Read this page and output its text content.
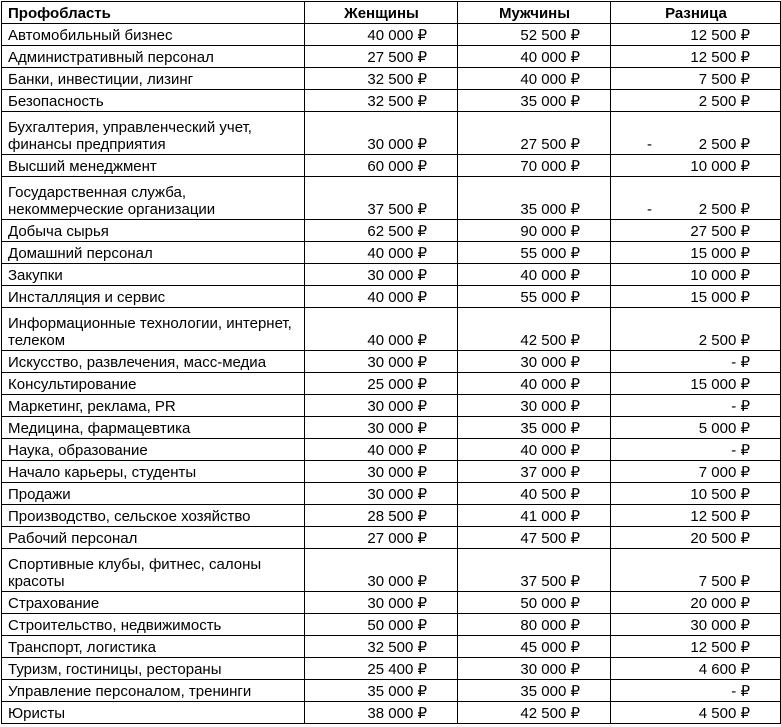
Профобласть	Женщины	Мужчины	Разница
Автомобильный бизнес	40 000 ₽	52 500 ₽	12 500 ₽
Административный персонал	27 500 ₽	40 000 ₽	12 500 ₽
Банки, инвестиции, лизинг	32 500 ₽	40 000 ₽	7 500 ₽
Безопасность	32 500 ₽	35 000 ₽	2 500 ₽
Бухгалтерия, управленческий учет, финансы предприятия	30 000 ₽	27 500 ₽	- 2 500 ₽
Высший менеджмент	60 000 ₽	70 000 ₽	10 000 ₽
Государственная служба, некоммерческие организации	37 500 ₽	35 000 ₽	- 2 500 ₽
Добыча сырья	62 500 ₽	90 000 ₽	27 500 ₽
Домашний персонал	40 000 ₽	55 000 ₽	15 000 ₽
Закупки	30 000 ₽	40 000 ₽	10 000 ₽
Инсталляция и сервис	40 000 ₽	55 000 ₽	15 000 ₽
Информационные технологии, интернет, телеком	40 000 ₽	42 500 ₽	2 500 ₽
Искусство, развлечения, масс-медиа	30 000 ₽	30 000 ₽	- ₽
Консультирование	25 000 ₽	40 000 ₽	15 000 ₽
Маркетинг, реклама, PR	30 000 ₽	30 000 ₽	- ₽
Медицина, фармацевтика	30 000 ₽	35 000 ₽	5 000 ₽
Наука, образование	40 000 ₽	40 000 ₽	- ₽
Начало карьеры, студенты	30 000 ₽	37 000 ₽	7 000 ₽
Продажи	30 000 ₽	40 500 ₽	10 500 ₽
Производство, сельское хозяйство	28 500 ₽	41 000 ₽	12 500 ₽
Рабочий персонал	27 000 ₽	47 500 ₽	20 500 ₽
Спортивные клубы, фитнес, салоны красоты	30 000 ₽	37 500 ₽	7 500 ₽
Страхование	30 000 ₽	50 000 ₽	20 000 ₽
Строительство, недвижимость	50 000 ₽	80 000 ₽	30 000 ₽
Транспорт, логистика	32 500 ₽	45 000 ₽	12 500 ₽
Туризм, гостиницы, рестораны	25 400 ₽	30 000 ₽	4 600 ₽
Управление персоналом, тренинги	35 000 ₽	35 000 ₽	- ₽
Юристы	38 000 ₽	42 500 ₽	4 500 ₽
